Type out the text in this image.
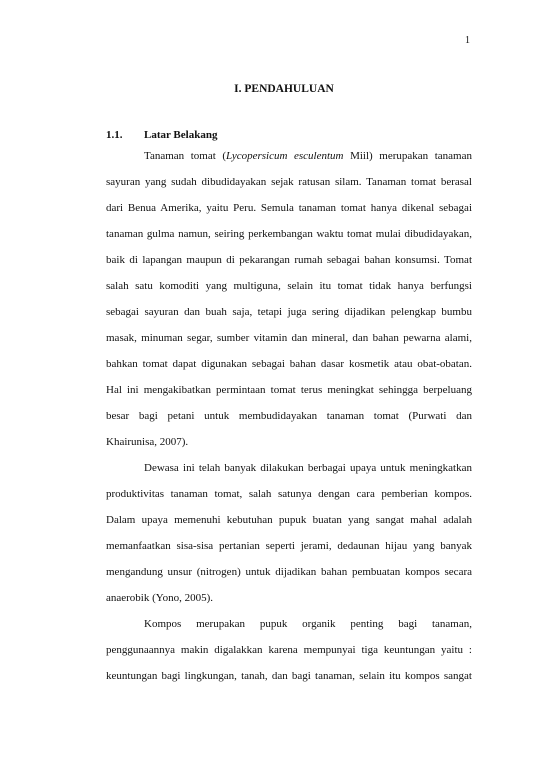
1
I. PENDAHULUAN
1.1. Latar Belakang
Tanaman tomat (Lycopersicum esculentum Miil) merupakan tanaman
sayuran yang sudah dibudidayakan sejak ratusan silam. Tanaman tomat berasal
dari Benua Amerika, yaitu Peru. Semula tanaman tomat hanya dikenal sebagai
tanaman gulma namun, seiring perkembangan waktu tomat mulai dibudidayakan,
baik di lapangan maupun di pekarangan rumah sebagai bahan konsumsi. Tomat
salah satu komoditi yang multiguna, selain itu tomat tidak hanya berfungsi
sebagai sayuran dan buah saja, tetapi juga sering dijadikan pelengkap bumbu
masak, minuman segar, sumber vitamin dan mineral, dan bahan pewarna alami,
bahkan tomat dapat digunakan sebagai bahan dasar kosmetik atau obat-obatan.
Hal ini mengakibatkan permintaan tomat terus meningkat sehingga berpeluang
besar bagi petani untuk membudidayakan tanaman tomat (Purwati dan
Khairunisa, 2007).
Dewasa ini telah banyak dilakukan berbagai upaya untuk meningkatkan
produktivitas tanaman tomat, salah satunya dengan cara pemberian kompos.
Dalam upaya memenuhi kebutuhan pupuk buatan yang sangat mahal adalah
memanfaatkan sisa-sisa pertanian seperti jerami, dedaunan hijau yang banyak
mengandung unsur (nitrogen) untuk dijadikan bahan pembuatan kompos secara
anaerobik (Yono, 2005).
Kompos merupakan pupuk organik penting bagi tanaman,
penggunaannya makin digalakkan karena mempunyai tiga keuntungan yaitu :
keuntungan bagi lingkungan, tanah, dan bagi tanaman, selain itu kompos sangat
